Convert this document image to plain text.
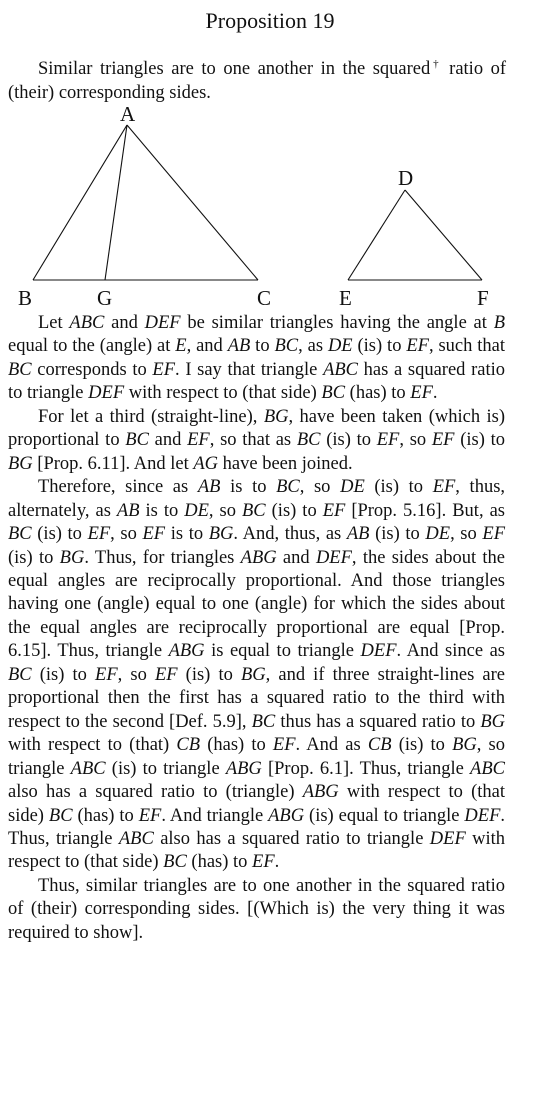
Proposition 19
Similar triangles are to one another in the squared† ratio of (their) corresponding sides.
A
B	G	C
D
E	F

Let ABC and DEF be similar triangles having the angle at B equal to the (angle) at E, and AB to BC, as DE (is) to EF, such that BC corresponds to EF. I say that triangle ABC has a squared ratio to triangle DEF with respect to (that side) BC (has) to EF.

For let a third (straight-line), BG, have been taken (which is) proportional to BC and EF, so that as BC (is) to EF, so EF (is) to BG [Prop. 6.11]. And let AG have been joined.

Therefore, since as AB is to BC, so DE (is) to EF, thus, alternately, as AB is to DE, so BC (is) to EF [Prop. 5.16]. But, as BC (is) to EF, so EF is to BG. And, thus, as AB (is) to DE, so EF (is) to BG. Thus, for triangles ABG and DEF, the sides about the equal angles are reciprocally proportional. And those triangles having one (angle) equal to one (angle) for which the sides about the equal angles are reciprocally proportional are equal [Prop. 6.15]. Thus, triangle ABG is equal to triangle DEF. And since as BC (is) to EF, so EF (is) to BG, and if three straight-lines are proportional then the first has a squared ratio to the third with respect to the second [Def. 5.9], BC thus has a squared ratio to BG with respect to (that) CB (has) to EF. And as CB (is) to BG, so triangle ABC (is) to triangle ABG [Prop. 6.1]. Thus, triangle ABC also has a squared ratio to (triangle) ABG with respect to (that side) BC (has) to EF. And triangle ABG (is) equal to triangle DEF. Thus, triangle ABC also has a squared ratio to triangle DEF with respect to (that side) BC (has) to EF.

Thus, similar triangles are to one another in the squared ratio of (their) corresponding sides. [(Which is) the very thing it was required to show].
